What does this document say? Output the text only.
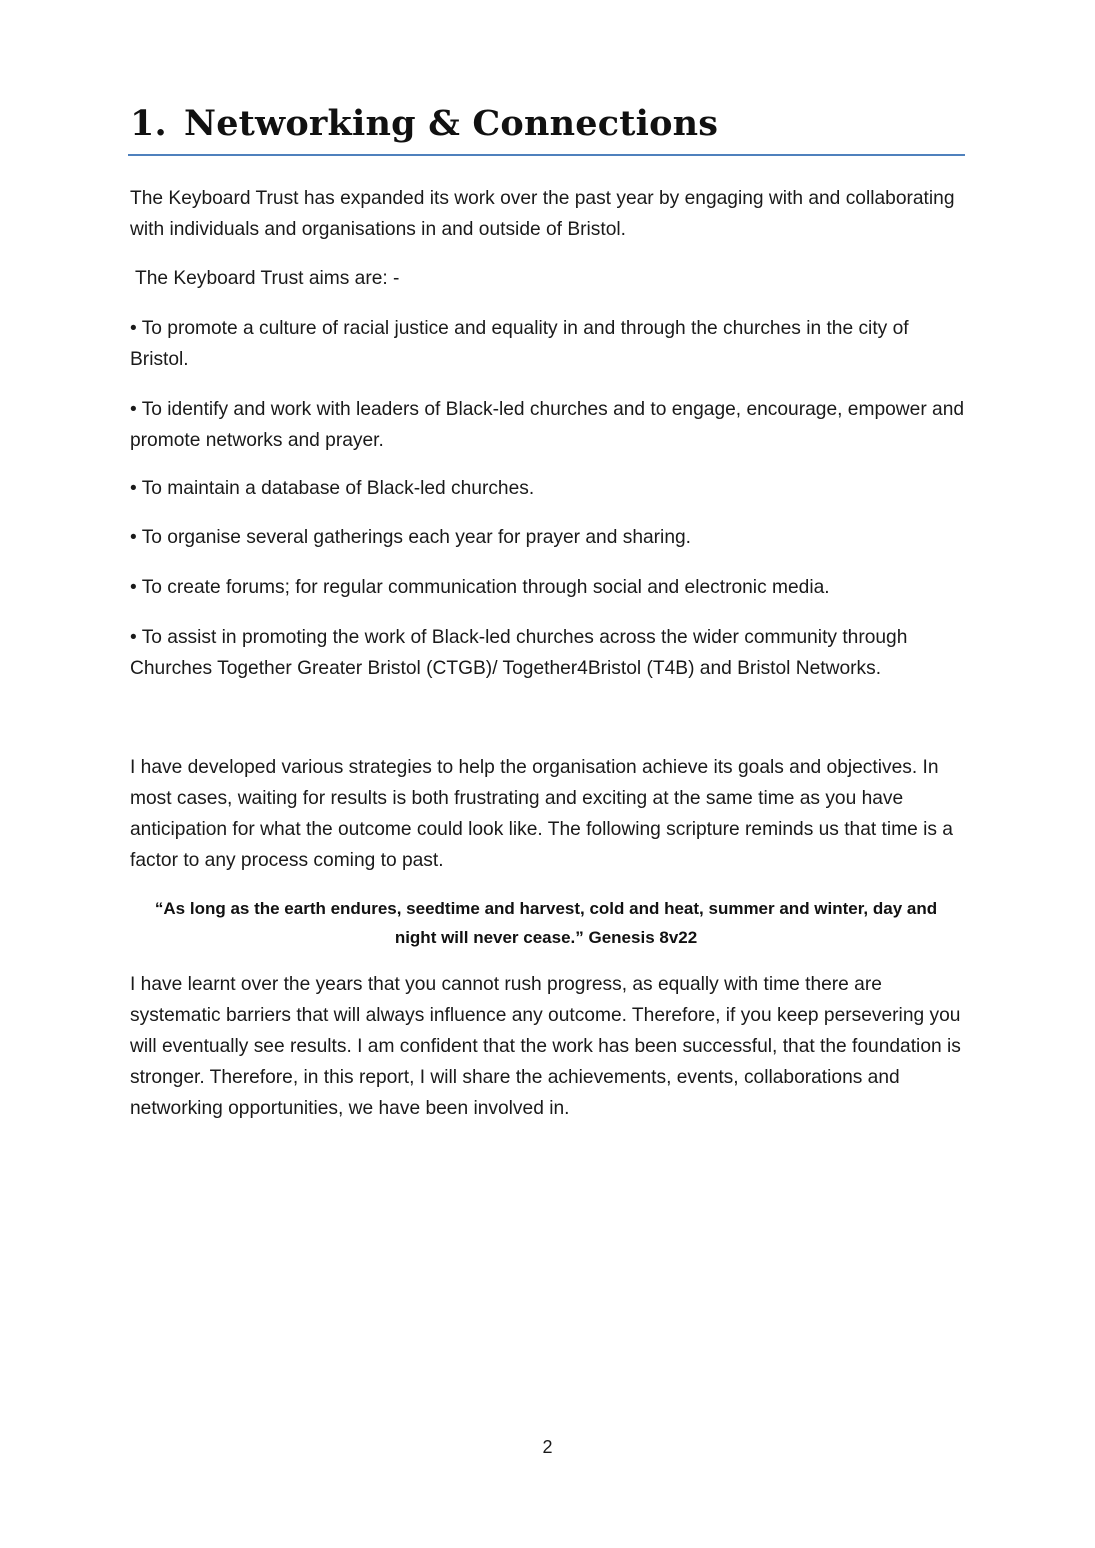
1. Networking & Connections

The Keyboard Trust has expanded its work over the past year by engaging with and collaborating with individuals and organisations in and outside of Bristol.

The Keyboard Trust aims are: -

• To promote a culture of racial justice and equality in and through the churches in the city of Bristol.

• To identify and work with leaders of Black-led churches and to engage, encourage, empower and promote networks and prayer.

• To maintain a database of Black-led churches.

• To organise several gatherings each year for prayer and sharing.

• To create forums; for regular communication through social and electronic media.

• To assist in promoting the work of Black-led churches across the wider community through Churches Together Greater Bristol (CTGB)/ Together4Bristol (T4B) and Bristol Networks.

I have developed various strategies to help the organisation achieve its goals and objectives. In most cases, waiting for results is both frustrating and exciting at the same time as you have anticipation for what the outcome could look like. The following scripture reminds us that time is a factor to any process coming to past.

“As long as the earth endures, seedtime and harvest, cold and heat, summer and winter, day and
night will never cease.” Genesis 8v22

I have learnt over the years that you cannot rush progress, as equally with time there are systematic barriers that will always influence any outcome. Therefore, if you keep persevering you will eventually see results. I am confident that the work has been successful, that the foundation is stronger. Therefore, in this report, I will share the achievements, events, collaborations and networking opportunities, we have been involved in.

2
